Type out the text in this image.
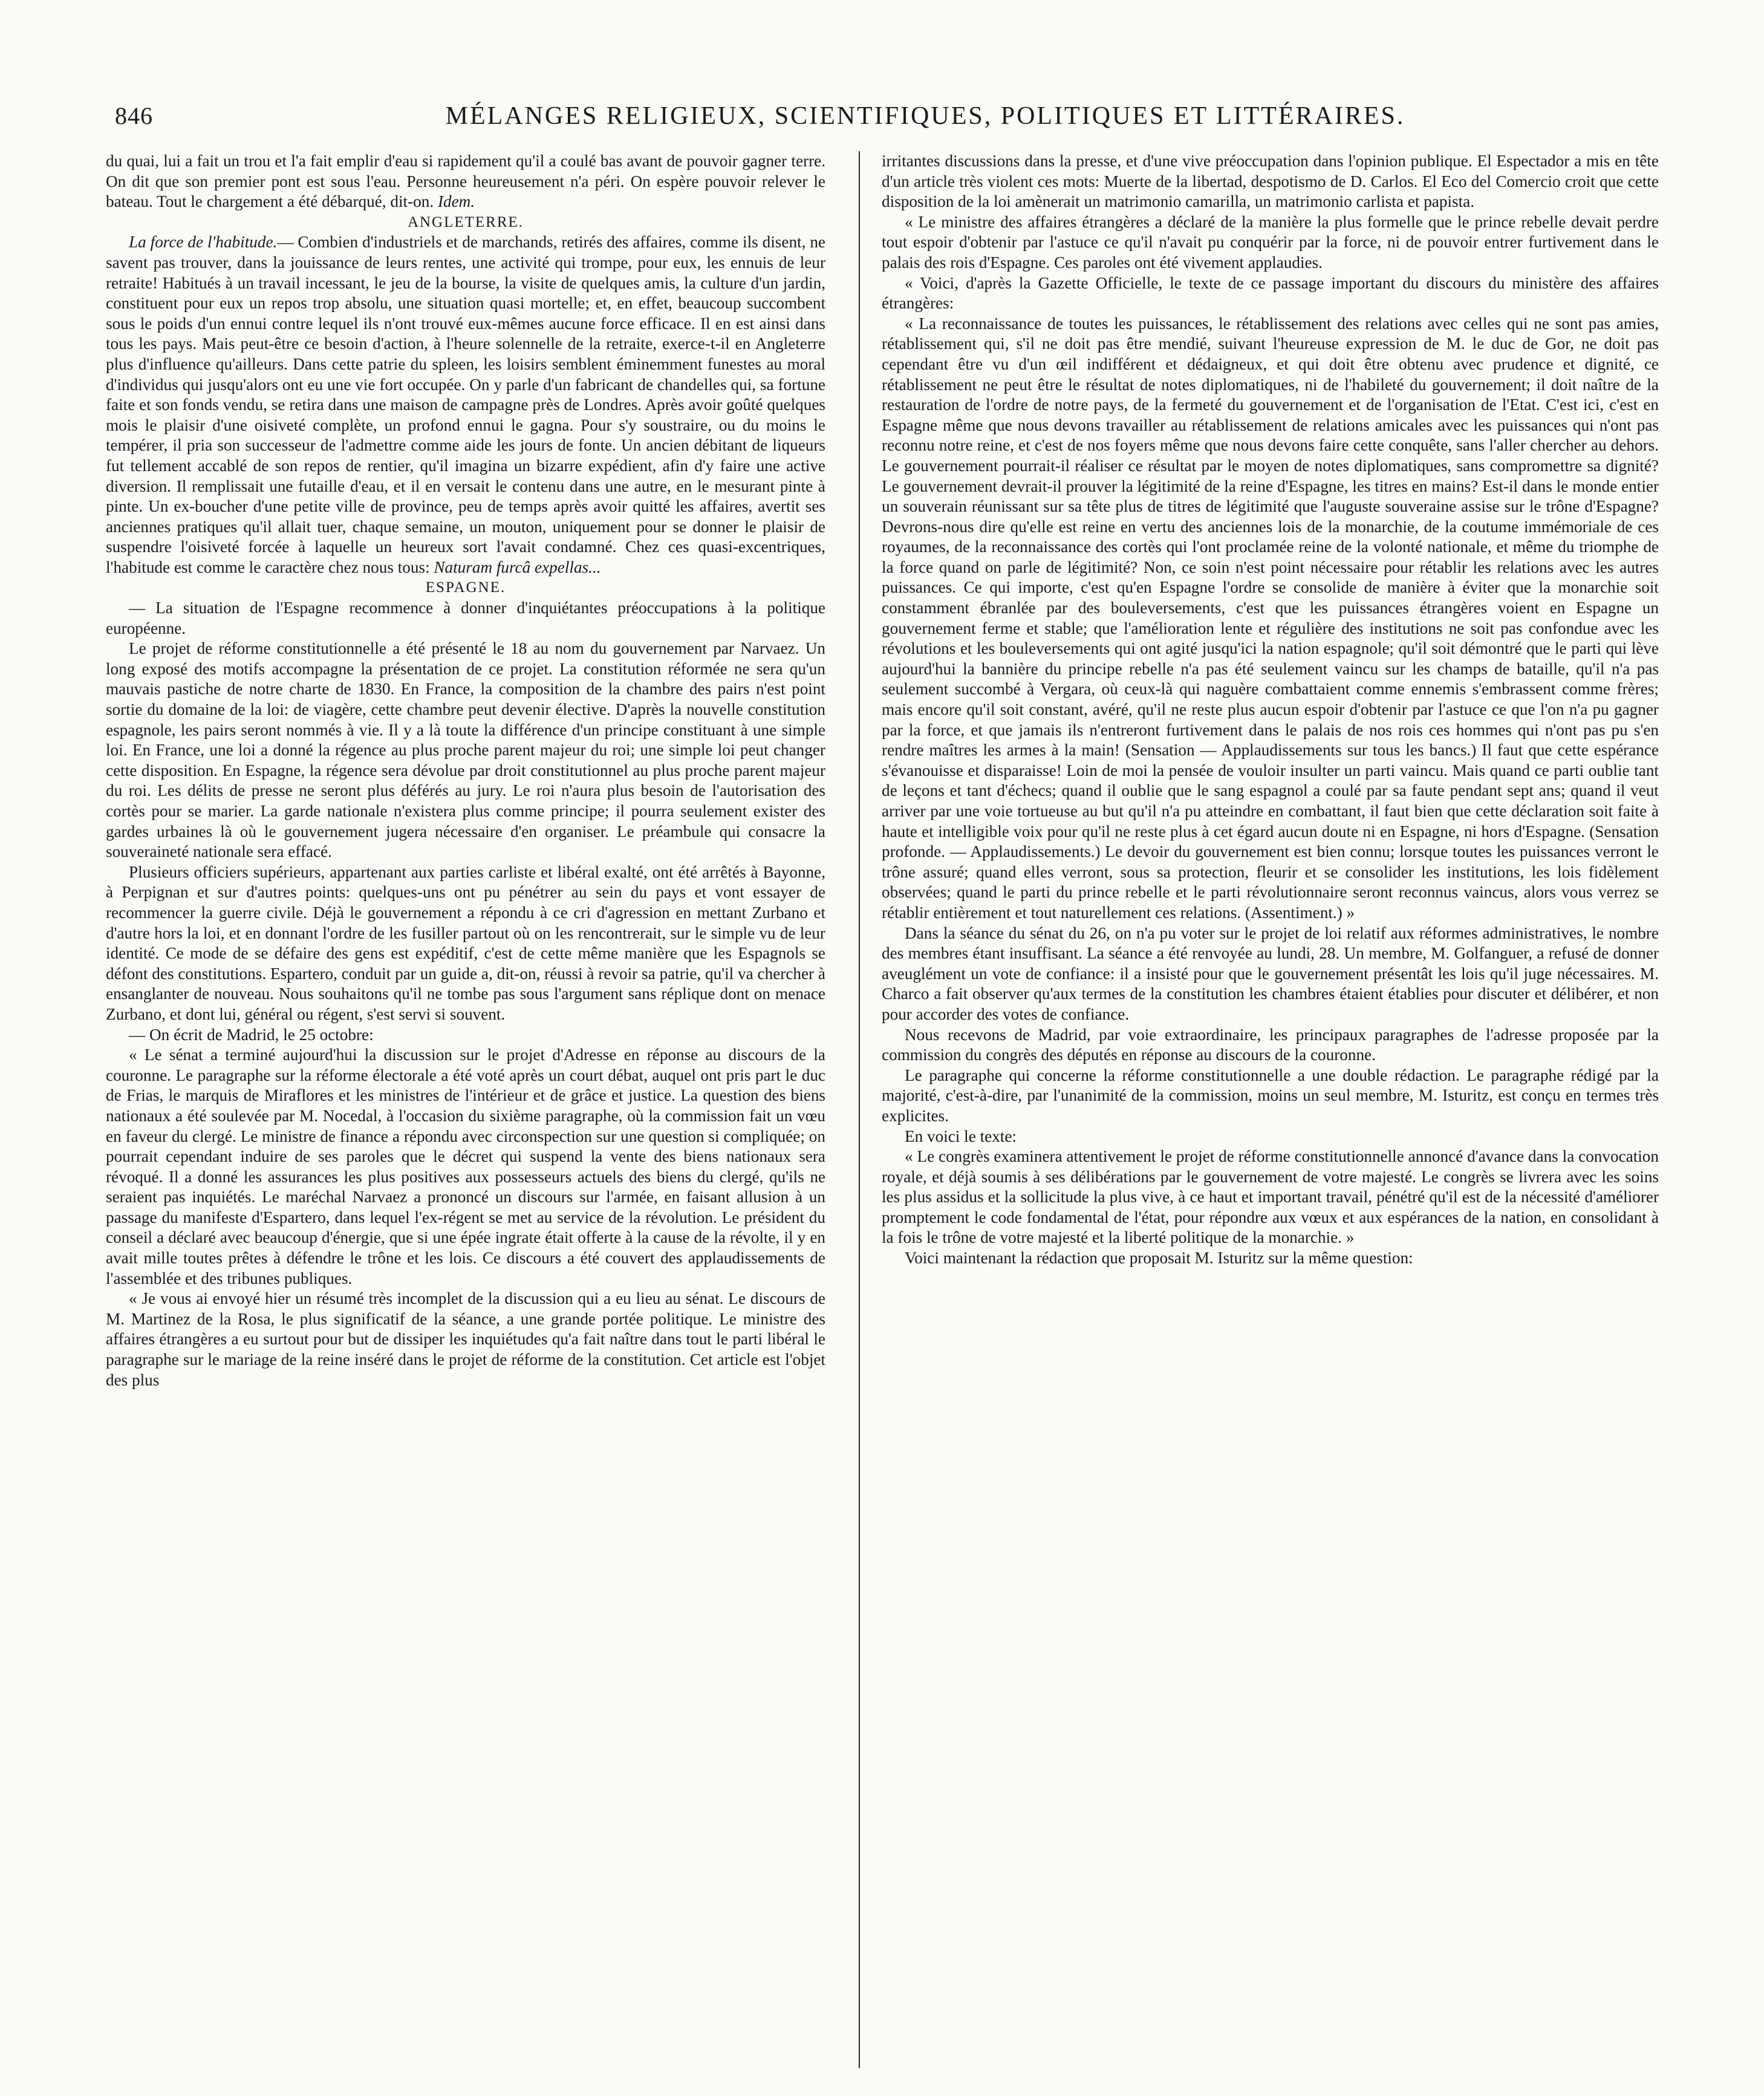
846	MÉLANGES RELIGIEUX, SCIENTIFIQUES, POLITIQUES ET LITTÉRAIRES.

du quai, lui a fait un trou et l'a fait emplir d'eau si rapidement qu'il a coulé bas avant de pouvoir gagner terre. On dit que son premier pont est sous l'eau. Personne heureusement n'a péri. On espère pouvoir relever le bateau. Tout le chargement a été débarqué, dit-on. Idem.

ANGLETERRE.

La force de l'habitude.— Combien d'industriels et de marchands, retirés des affaires, comme ils disent, ne savent pas trouver, dans la jouissance de leurs rentes, une activité qui trompe, pour eux, les ennuis de leur retraite! Habitués à un travail incessant, le jeu de la bourse, la visite de quelques amis, la culture d'un jardin, constituent pour eux un repos trop absolu, une situation quasi mortelle; et, en effet, beaucoup succombent sous le poids d'un ennui contre lequel ils n'ont trouvé eux-mêmes aucune force efficace. Il en est ainsi dans tous les pays. Mais peut-être ce besoin d'action, à l'heure solennelle de la retraite, exerce-t-il en Angleterre plus d'influence qu'ailleurs. Dans cette patrie du spleen, les loisirs semblent éminemment funestes au moral d'individus qui jusqu'alors ont eu une vie fort occupée. On y parle d'un fabricant de chandelles qui, sa fortune faite et son fonds vendu, se retira dans une maison de campagne près de Londres. Après avoir goûté quelques mois le plaisir d'une oisiveté complète, un profond ennui le gagna. Pour s'y soustraire, ou du moins le tempérer, il pria son successeur de l'admettre comme aide les jours de fonte. Un ancien débitant de liqueurs fut tellement accablé de son repos de rentier, qu'il imagina un bizarre expédient, afin d'y faire une active diversion. Il remplissait une futaille d'eau, et il en versait le contenu dans une autre, en le mesurant pinte à pinte. Un ex-boucher d'une petite ville de province, peu de temps après avoir quitté les affaires, avertit ses anciennes pratiques qu'il allait tuer, chaque semaine, un mouton, uniquement pour se donner le plaisir de suspendre l'oisiveté forcée à laquelle un heureux sort l'avait condamné. Chez ces quasi-excentriques, l'habitude est comme le caractère chez nous tous: Naturam furcâ expellas...

ESPAGNE.

— La situation de l'Espagne recommence à donner d'inquiétantes préoccupations à la politique européenne.

Le projet de réforme constitutionnelle a été présenté le 18 au nom du gouvernement par Narvaez. Un long exposé des motifs accompagne la présentation de ce projet. La constitution réformée ne sera qu'un mauvais pastiche de notre charte de 1830. En France, la composition de la chambre des pairs n'est point sortie du domaine de la loi: de viagère, cette chambre peut devenir élective. D'après la nouvelle constitution espagnole, les pairs seront nommés à vie. Il y a là toute la différence d'un principe constituant à une simple loi. En France, une loi a donné la régence au plus proche parent majeur du roi; une simple loi peut changer cette disposition. En Espagne, la régence sera dévolue par droit constitutionnel au plus proche parent majeur du roi. Les délits de presse ne seront plus déférés au jury. Le roi n'aura plus besoin de l'autorisation des cortès pour se marier. La garde nationale n'existera plus comme principe; il pourra seulement exister des gardes urbaines là où le gouvernement jugera nécessaire d'en organiser. Le préambule qui consacre la souveraineté nationale sera effacé.

Plusieurs officiers supérieurs, appartenant aux parties carliste et libéral exalté, ont été arrêtés à Bayonne, à Perpignan et sur d'autres points: quelques-uns ont pu pénétrer au sein du pays et vont essayer de recommencer la guerre civile. Déjà le gouvernement a répondu à ce cri d'agression en mettant Zurbano et d'autre hors la loi, et en donnant l'ordre de les fusiller partout où on les rencontrerait, sur le simple vu de leur identité. Ce mode de se défaire des gens est expéditif, c'est de cette même manière que les Espagnols se défont des constitutions. Espartero, conduit par un guide a, dit-on, réussi à revoir sa patrie, qu'il va chercher à ensanglanter de nouveau. Nous souhaitons qu'il ne tombe pas sous l'argument sans réplique dont on menace Zurbano, et dont lui, général ou régent, s'est servi si souvent.

— On écrit de Madrid, le 25 octobre:

« Le sénat a terminé aujourd'hui la discussion sur le projet d'Adresse en réponse au discours de la couronne. Le paragraphe sur la réforme électorale a été voté après un court débat, auquel ont pris part le duc de Frias, le marquis de Miraflores et les ministres de l'intérieur et de grâce et justice. La question des biens nationaux a été soulevée par M. Nocedal, à l'occasion du sixième paragraphe, où la commission fait un vœu en faveur du clergé. Le ministre de finance a répondu avec circonspection sur une question si compliquée; on pourrait cependant induire de ses paroles que le décret qui suspend la vente des biens nationaux sera révoqué. Il a donné les assurances les plus positives aux possesseurs actuels des biens du clergé, qu'ils ne seraient pas inquiétés. Le maréchal Narvaez a prononcé un discours sur l'armée, en faisant allusion à un passage du manifeste d'Espartero, dans lequel l'ex-régent se met au service de la révolution. Le président du conseil a déclaré avec beaucoup d'énergie, que si une épée ingrate était offerte à la cause de la révolte, il y en avait mille toutes prêtes à défendre le trône et les lois. Ce discours a été couvert des applaudissements de l'assemblée et des tribunes publiques.

« Je vous ai envoyé hier un résumé très incomplet de la discussion qui a eu lieu au sénat. Le discours de M. Martinez de la Rosa, le plus significatif de la séance, a une grande portée politique. Le ministre des affaires étrangères a eu surtout pour but de dissiper les inquiétudes qu'a fait naître dans tout le parti libéral le paragraphe sur le mariage de la reine inséré dans le projet de réforme de la constitution. Cet article est l'objet des plus

irritantes discussions dans la presse, et d'une vive préoccupation dans l'opinion publique. El Espectador a mis en tête d'un article très violent ces mots: Muerte de la libertad, despotismo de D. Carlos. El Eco del Comercio croit que cette disposition de la loi amènerait un matrimonio camarilla, un matrimonio carlista et papista.

« Le ministre des affaires étrangères a déclaré de la manière la plus formelle que le prince rebelle devait perdre tout espoir d'obtenir par l'astuce ce qu'il n'avait pu conquérir par la force, ni de pouvoir entrer furtivement dans le palais des rois d'Espagne. Ces paroles ont été vivement applaudies.

« Voici, d'après la Gazette Officielle, le texte de ce passage important du discours du ministère des affaires étrangères:

« La reconnaissance de toutes les puissances, le rétablissement des relations avec celles qui ne sont pas amies, rétablissement qui, s'il ne doit pas être mendié, suivant l'heureuse expression de M. le duc de Gor, ne doit pas cependant être vu d'un œil indifférent et dédaigneux, et qui doit être obtenu avec prudence et dignité, ce rétablissement ne peut être le résultat de notes diplomatiques, ni de l'habileté du gouvernement; il doit naître de la restauration de l'ordre de notre pays, de la fermeté du gouvernement et de l'organisation de l'Etat. C'est ici, c'est en Espagne même que nous devons travailler au rétablissement de relations amicales avec les puissances qui n'ont pas reconnu notre reine, et c'est de nos foyers même que nous devons faire cette conquête, sans l'aller chercher au dehors. Le gouvernement pourrait-il réaliser ce résultat par le moyen de notes diplomatiques, sans compromettre sa dignité? Le gouvernement devrait-il prouver la légitimité de la reine d'Espagne, les titres en mains? Est-il dans le monde entier un souverain réunissant sur sa tête plus de titres de légitimité que l'auguste souveraine assise sur le trône d'Espagne? Devrons-nous dire qu'elle est reine en vertu des anciennes lois de la monarchie, de la coutume immémoriale de ces royaumes, de la reconnaissance des cortès qui l'ont proclamée reine de la volonté nationale, et même du triomphe de la force quand on parle de légitimité? Non, ce soin n'est point nécessaire pour rétablir les relations avec les autres puissances. Ce qui importe, c'est qu'en Espagne l'ordre se consolide de manière à éviter que la monarchie soit constamment ébranlée par des bouleversements, c'est que les puissances étrangères voient en Espagne un gouvernement ferme et stable; que l'amélioration lente et régulière des institutions ne soit pas confondue avec les révolutions et les bouleversements qui ont agité jusqu'ici la nation espagnole; qu'il soit démontré que le parti qui lève aujourd'hui la bannière du principe rebelle n'a pas été seulement vaincu sur les champs de bataille, qu'il n'a pas seulement succombé à Vergara, où ceux-là qui naguère combattaient comme ennemis s'embrassent comme frères; mais encore qu'il soit constant, avéré, qu'il ne reste plus aucun espoir d'obtenir par l'astuce ce que l'on n'a pu gagner par la force, et que jamais ils n'entreront furtivement dans le palais de nos rois ces hommes qui n'ont pas pu s'en rendre maîtres les armes à la main! (Sensation — Applaudissements sur tous les bancs.) Il faut que cette espérance s'évanouisse et disparaisse! Loin de moi la pensée de vouloir insulter un parti vaincu. Mais quand ce parti oublie tant de leçons et tant d'échecs; quand il oublie que le sang espagnol a coulé par sa faute pendant sept ans; quand il veut arriver par une voie tortueuse au but qu'il n'a pu atteindre en combattant, il faut bien que cette déclaration soit faite à haute et intelligible voix pour qu'il ne reste plus à cet égard aucun doute ni en Espagne, ni hors d'Espagne. (Sensation profonde. — Applaudissements.) Le devoir du gouvernement est bien connu; lorsque toutes les puissances verront le trône assuré; quand elles verront, sous sa protection, fleurir et se consolider les institutions, les lois fidèlement observées; quand le parti du prince rebelle et le parti révolutionnaire seront reconnus vaincus, alors vous verrez se rétablir entièrement et tout naturellement ces relations. (Assentiment.) »

Dans la séance du sénat du 26, on n'a pu voter sur le projet de loi relatif aux réformes administratives, le nombre des membres étant insuffisant. La séance a été renvoyée au lundi, 28. Un membre, M. Golfanguer, a refusé de donner aveuglément un vote de confiance: il a insisté pour que le gouvernement présentât les lois qu'il juge nécessaires. M. Charco a fait observer qu'aux termes de la constitution les chambres étaient établies pour discuter et délibérer, et non pour accorder des votes de confiance.

Nous recevons de Madrid, par voie extraordinaire, les principaux paragraphes de l'adresse proposée par la commission du congrès des députés en réponse au discours de la couronne.

Le paragraphe qui concerne la réforme constitutionnelle a une double rédaction. Le paragraphe rédigé par la majorité, c'est-à-dire, par l'unanimité de la commission, moins un seul membre, M. Isturitz, est conçu en termes très explicites.

En voici le texte:

« Le congrès examinera attentivement le projet de réforme constitutionnelle annoncé d'avance dans la convocation royale, et déjà soumis à ses délibérations par le gouvernement de votre majesté. Le congrès se livrera avec les soins les plus assidus et la sollicitude la plus vive, à ce haut et important travail, pénétré qu'il est de la nécessité d'améliorer promptement le code fondamental de l'état, pour répondre aux vœux et aux espérances de la nation, en consolidant à la fois le trône de votre majesté et la liberté politique de la monarchie. »

Voici maintenant la rédaction que proposait M. Isturitz sur la même question:
